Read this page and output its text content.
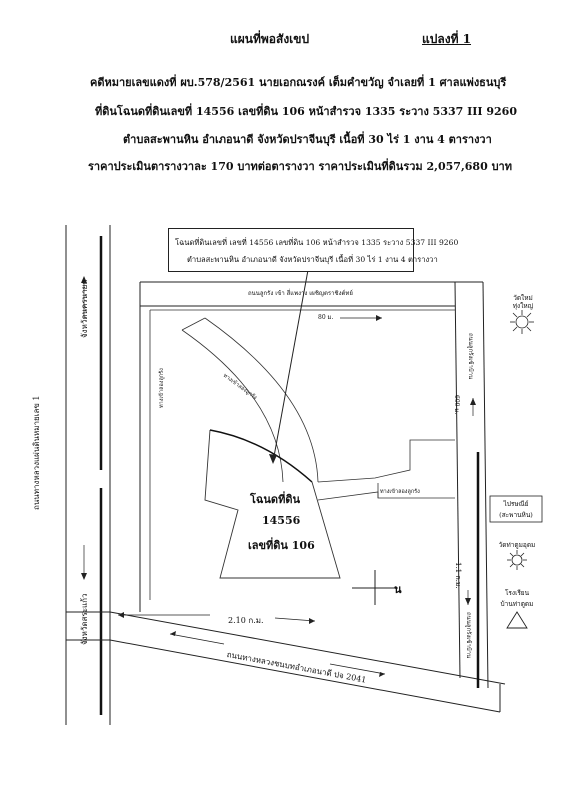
แผนที่พอสังเขป	แปลงที่ 1
คดีหมายเลขแดงที่ ผบ.578/2561 นายเอกณรงค์ เต็มคำขวัญ จำเลยที่ 1 ศาลแพ่งธนบุรี
ที่ดินโฉนดที่ดินเลขที่ 14556 เลขที่ดิน 106 หน้าสำรวจ 1335 ระวาง 5337 III 9260
ตำบลสะพานหิน อำเภอนาดี จังหวัดปราจีนบุรี เนื้อที่ 30 ไร่ 1 งาน 4 ตารางวา
ราคาประเมินตารางวาละ 170 บาทต่อตารางวา ราคาประเมินที่ดินรวม 2,057,680 บาท
โฉนดที่ดินเลขที่ เลขที่ 14556 เลขที่ดิน 106 หน้าสำรวจ 1335 ระวาง 5337 III 9260
ตำบลสะพานหิน อำเภอนาดี จังหวัดปราจีนบุรี เนื้อที่ 30 ไร่ 1 งาน 4 ตารางวา
โฉนดที่ดิน
14556
เลขที่ดิน 106
น
ถนนทางหลวงแผ่นดินหมายเลข 1
จังหวัดนครนายก
จังหวัดสระแก้ว
ถนนทางหลวงชนบทอำเภอนาดี ปจ 2041
2.10 ก.ม.
ถนนลูกรัง เข้า สี่แพงาง เผชิญตราชิงต์ทย์
80 ม.
600 ม.
1.1 ก.ม.
ถนนลูกรังเข้าบ้าน
ถนนลูกรังเข้าบ้าน
ทางเข้าลองลูกรัง	ทางเข้าลองลูกรัง
ทางเข้าลองลูกรัง
วัดใหม่ทุ่งใหญ่
ไปรษณีย์
(สะพานหิน)
วัดท่าตูมอุดม
โรงเรียน
บ้านท่าตูดม
